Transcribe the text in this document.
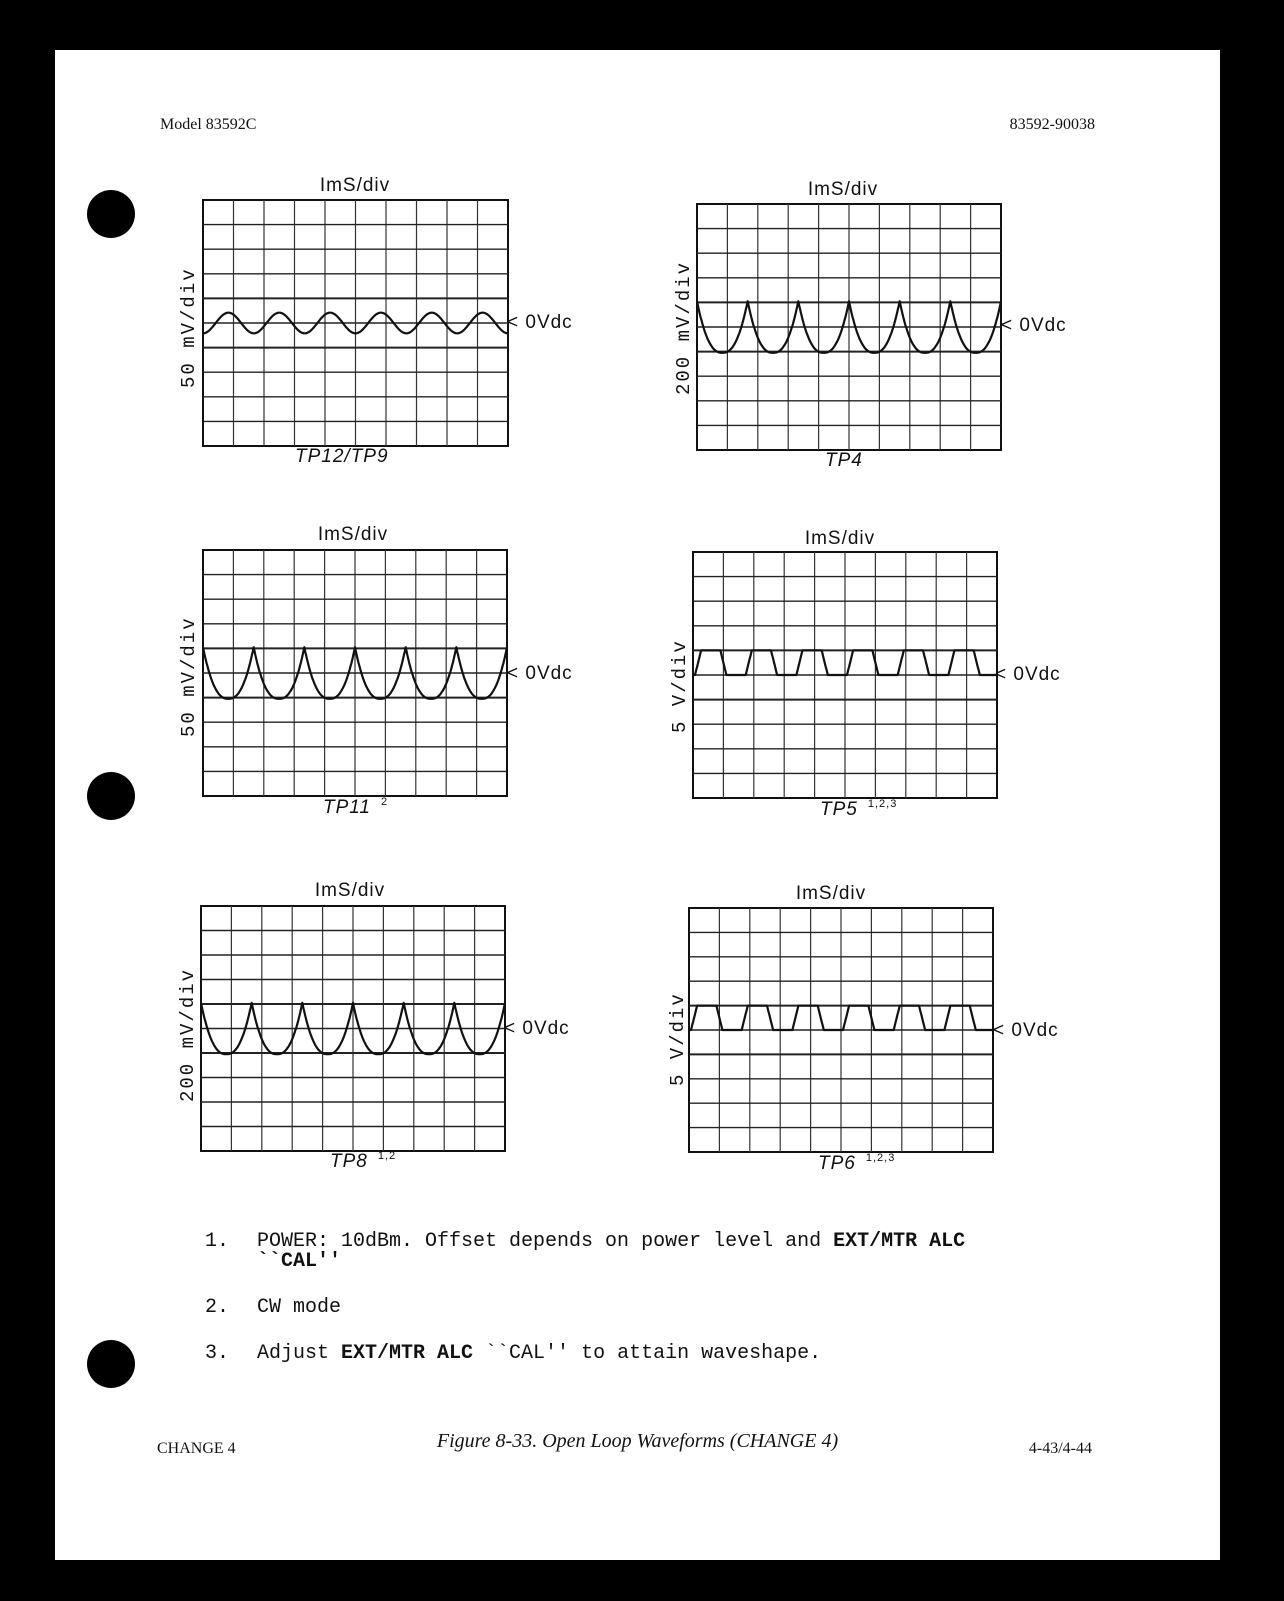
Model 83592C	83592-90038
ImS/div
50 mV/div	< 0Vdc
TP12/TP9
ImS/div
200 mV/div	< 0Vdc
TP4
ImS/div
50 mV/div	< 0Vdc
TP11 $^2$
ImS/div
5 V/div	< 0Vdc
TP5 $^{1,2,3}$
ImS/div
200 mV/div	< 0Vdc
TP8 $^{1,2}$
ImS/div
5 V/div	< 0Vdc
TP6 $^{1,2,3}$
1. POWER: 10dBm. Offset depends on power level and EXT/MTR ALC
``CAL''
2. CW mode
3. Adjust EXT/MTR ALC ``CAL'' to attain waveshape.
Figure 8-33. Open Loop Waveforms (CHANGE 4)
CHANGE 4	4-43/4-44
